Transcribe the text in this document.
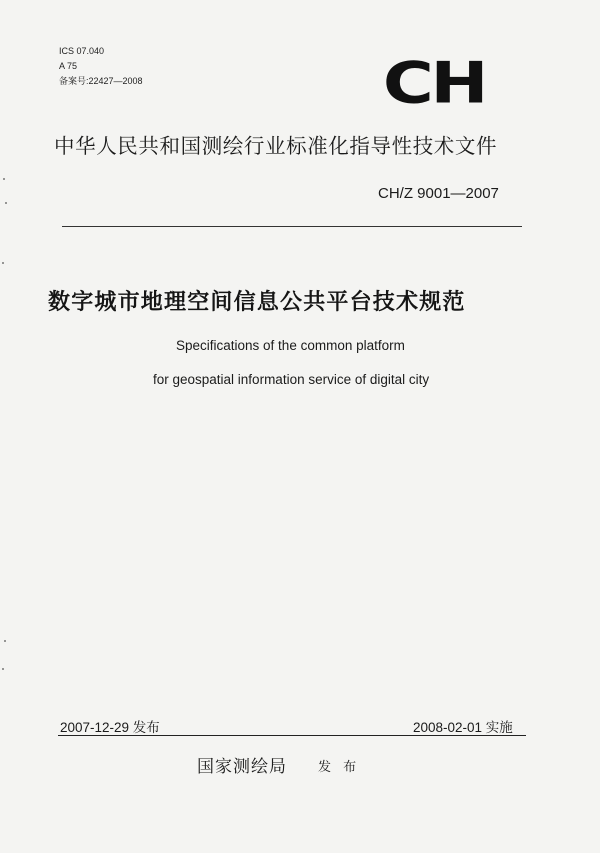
ICS 07.040
A 75
备案号:22427—2008	CH
中华人民共和国测绘行业标准化指导性技术文件
CH/Z 9001—2007
数字城市地理空间信息公共平台技术规范
Specifications of the common platform
for geospatial information service of digital city
2007-12-29 发布	2008-02-01 实施
国家测绘局 发 布
